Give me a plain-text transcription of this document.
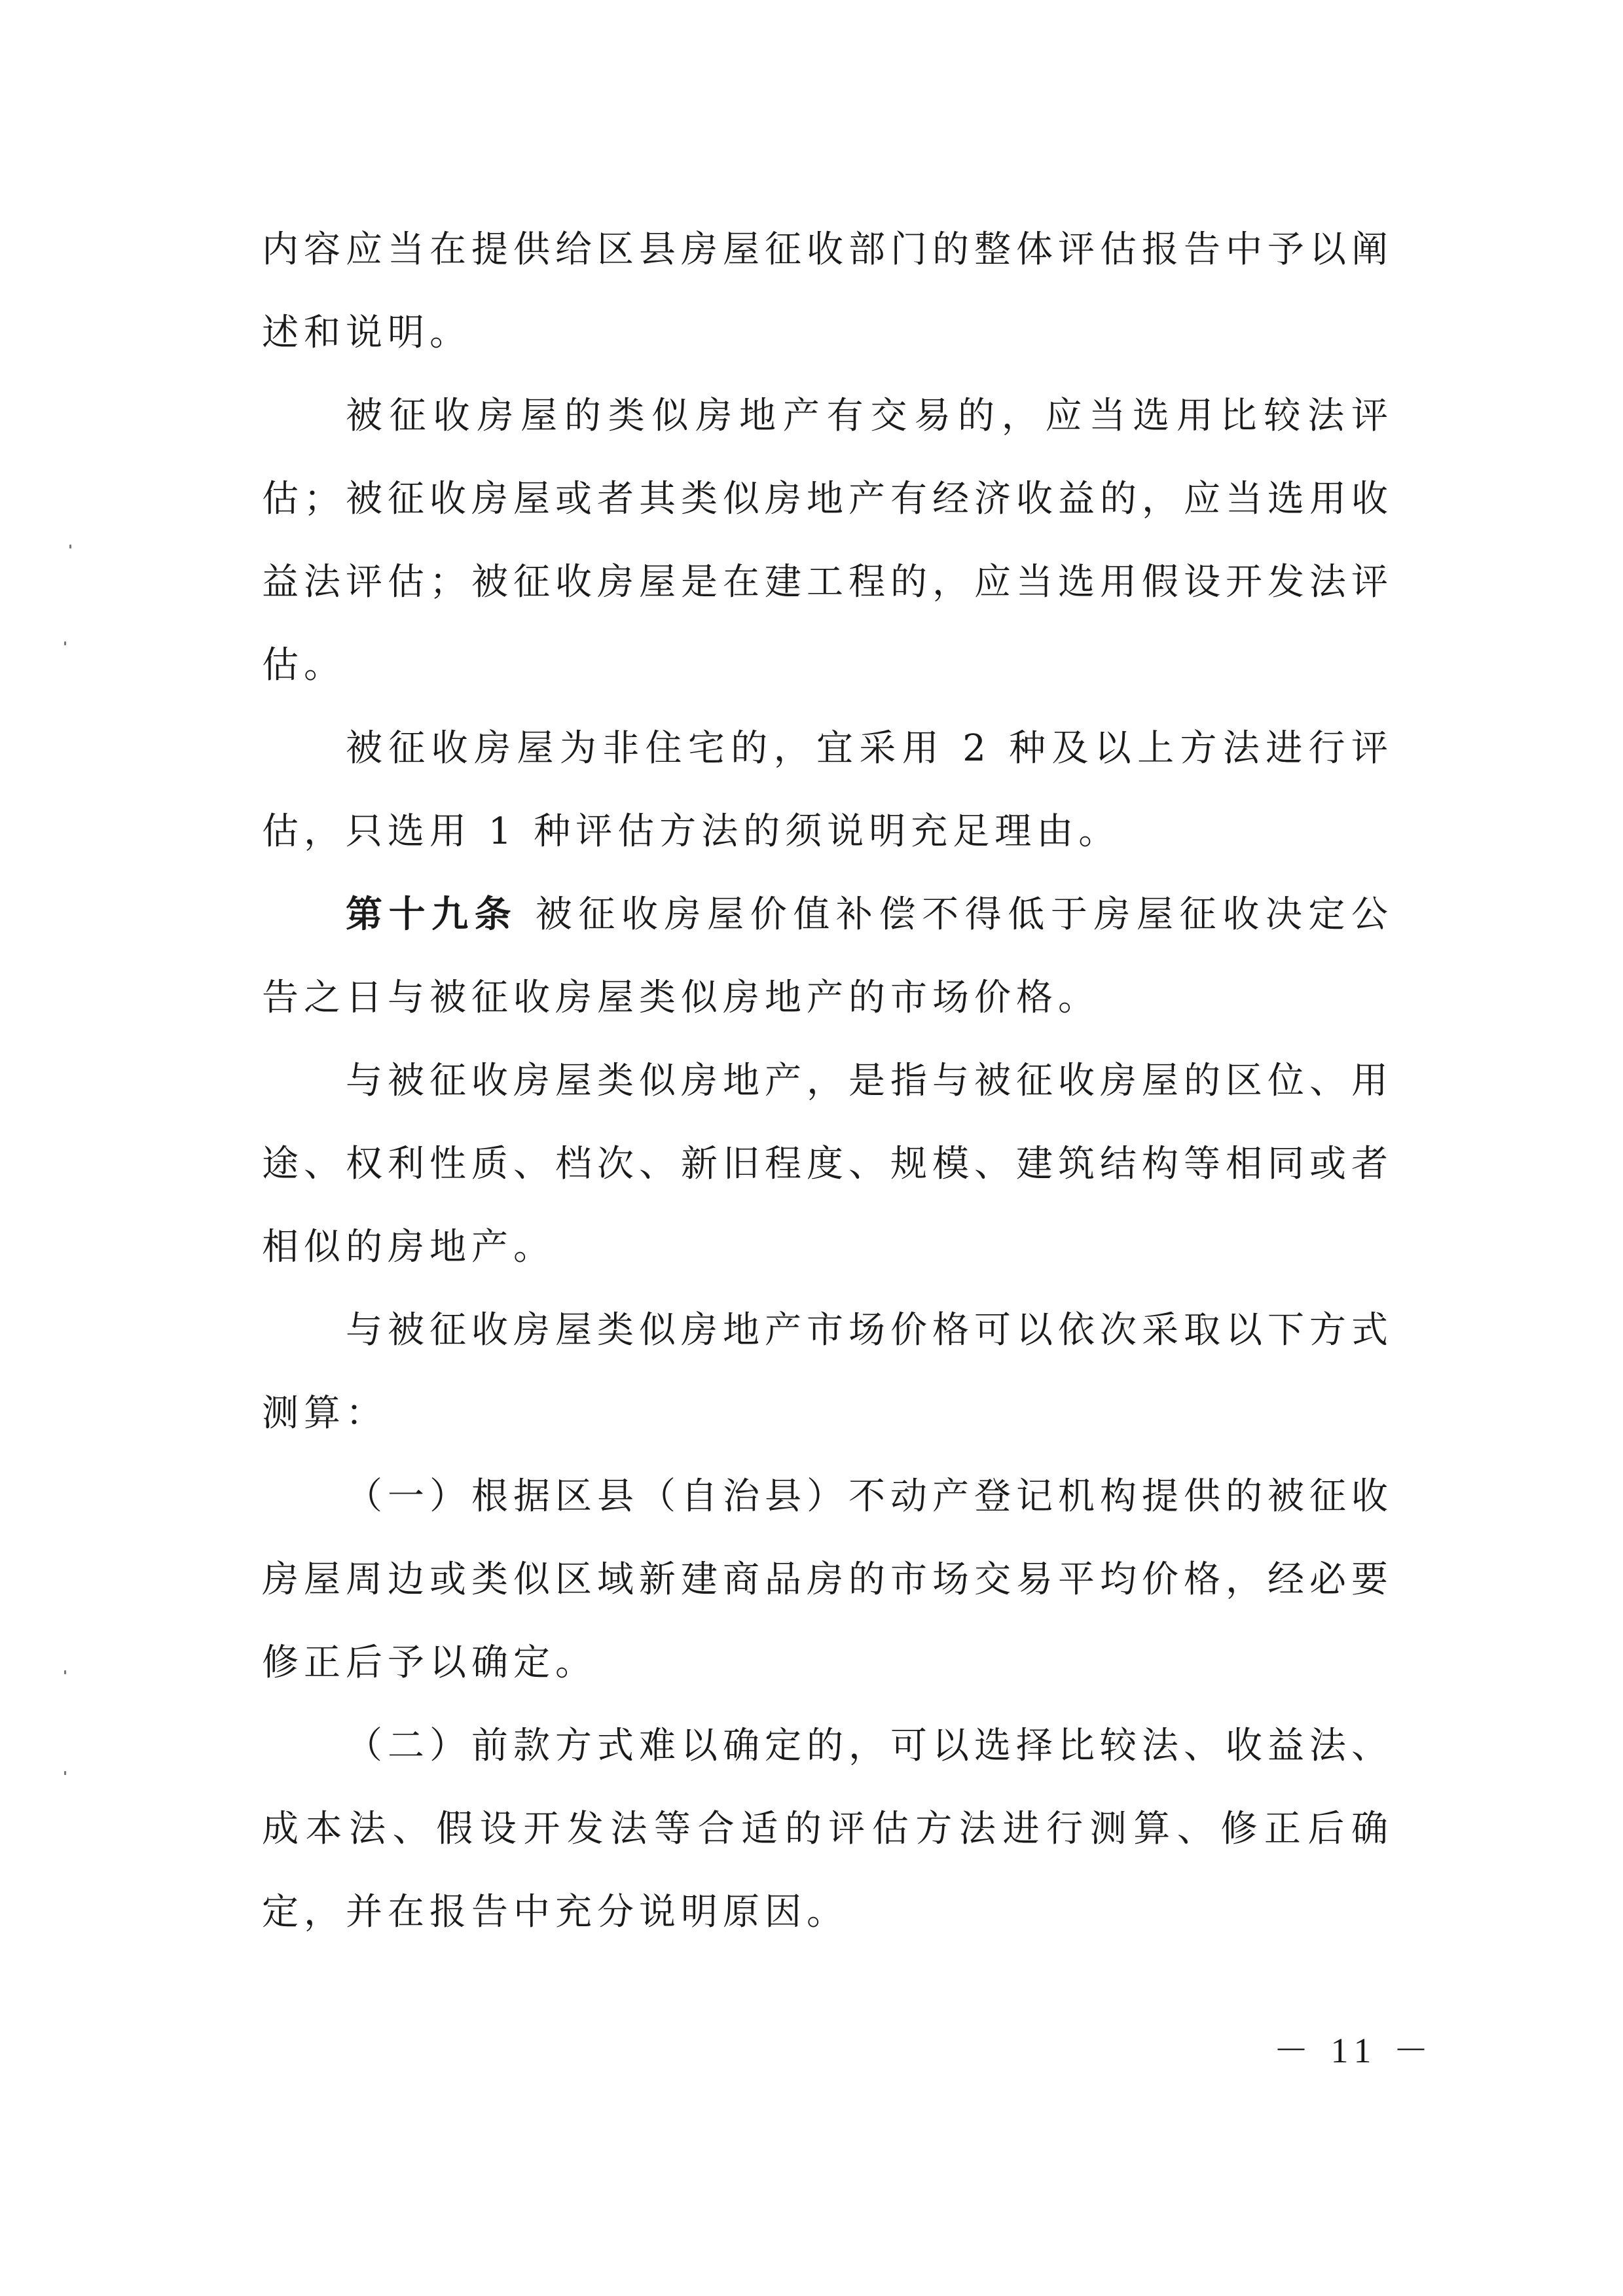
内容应当在提供给区县房屋征收部门的整体评估报告中予以阐述和说明。

被征收房屋的类似房地产有交易的，应当选用比较法评估；被征收房屋或者其类似房地产有经济收益的，应当选用收益法评估；被征收房屋是在建工程的，应当选用假设开发法评估。

被征收房屋为非住宅的，宜采用 2 种及以上方法进行评估，只选用 1 种评估方法的须说明充足理由。

第十九条 被征收房屋价值补偿不得低于房屋征收决定公告之日与被征收房屋类似房地产的市场价格。

与被征收房屋类似房地产，是指与被征收房屋的区位、用途、权利性质、档次、新旧程度、规模、建筑结构等相同或者相似的房地产。

与被征收房屋类似房地产市场价格可以依次采取以下方式测算：

（一）根据区县（自治县）不动产登记机构提供的被征收房屋周边或类似区域新建商品房的市场交易平均价格，经必要修正后予以确定。

（二）前款方式难以确定的，可以选择比较法、收益法、成本法、假设开发法等合适的评估方法进行测算、修正后确定，并在报告中充分说明原因。

－ 11 －
